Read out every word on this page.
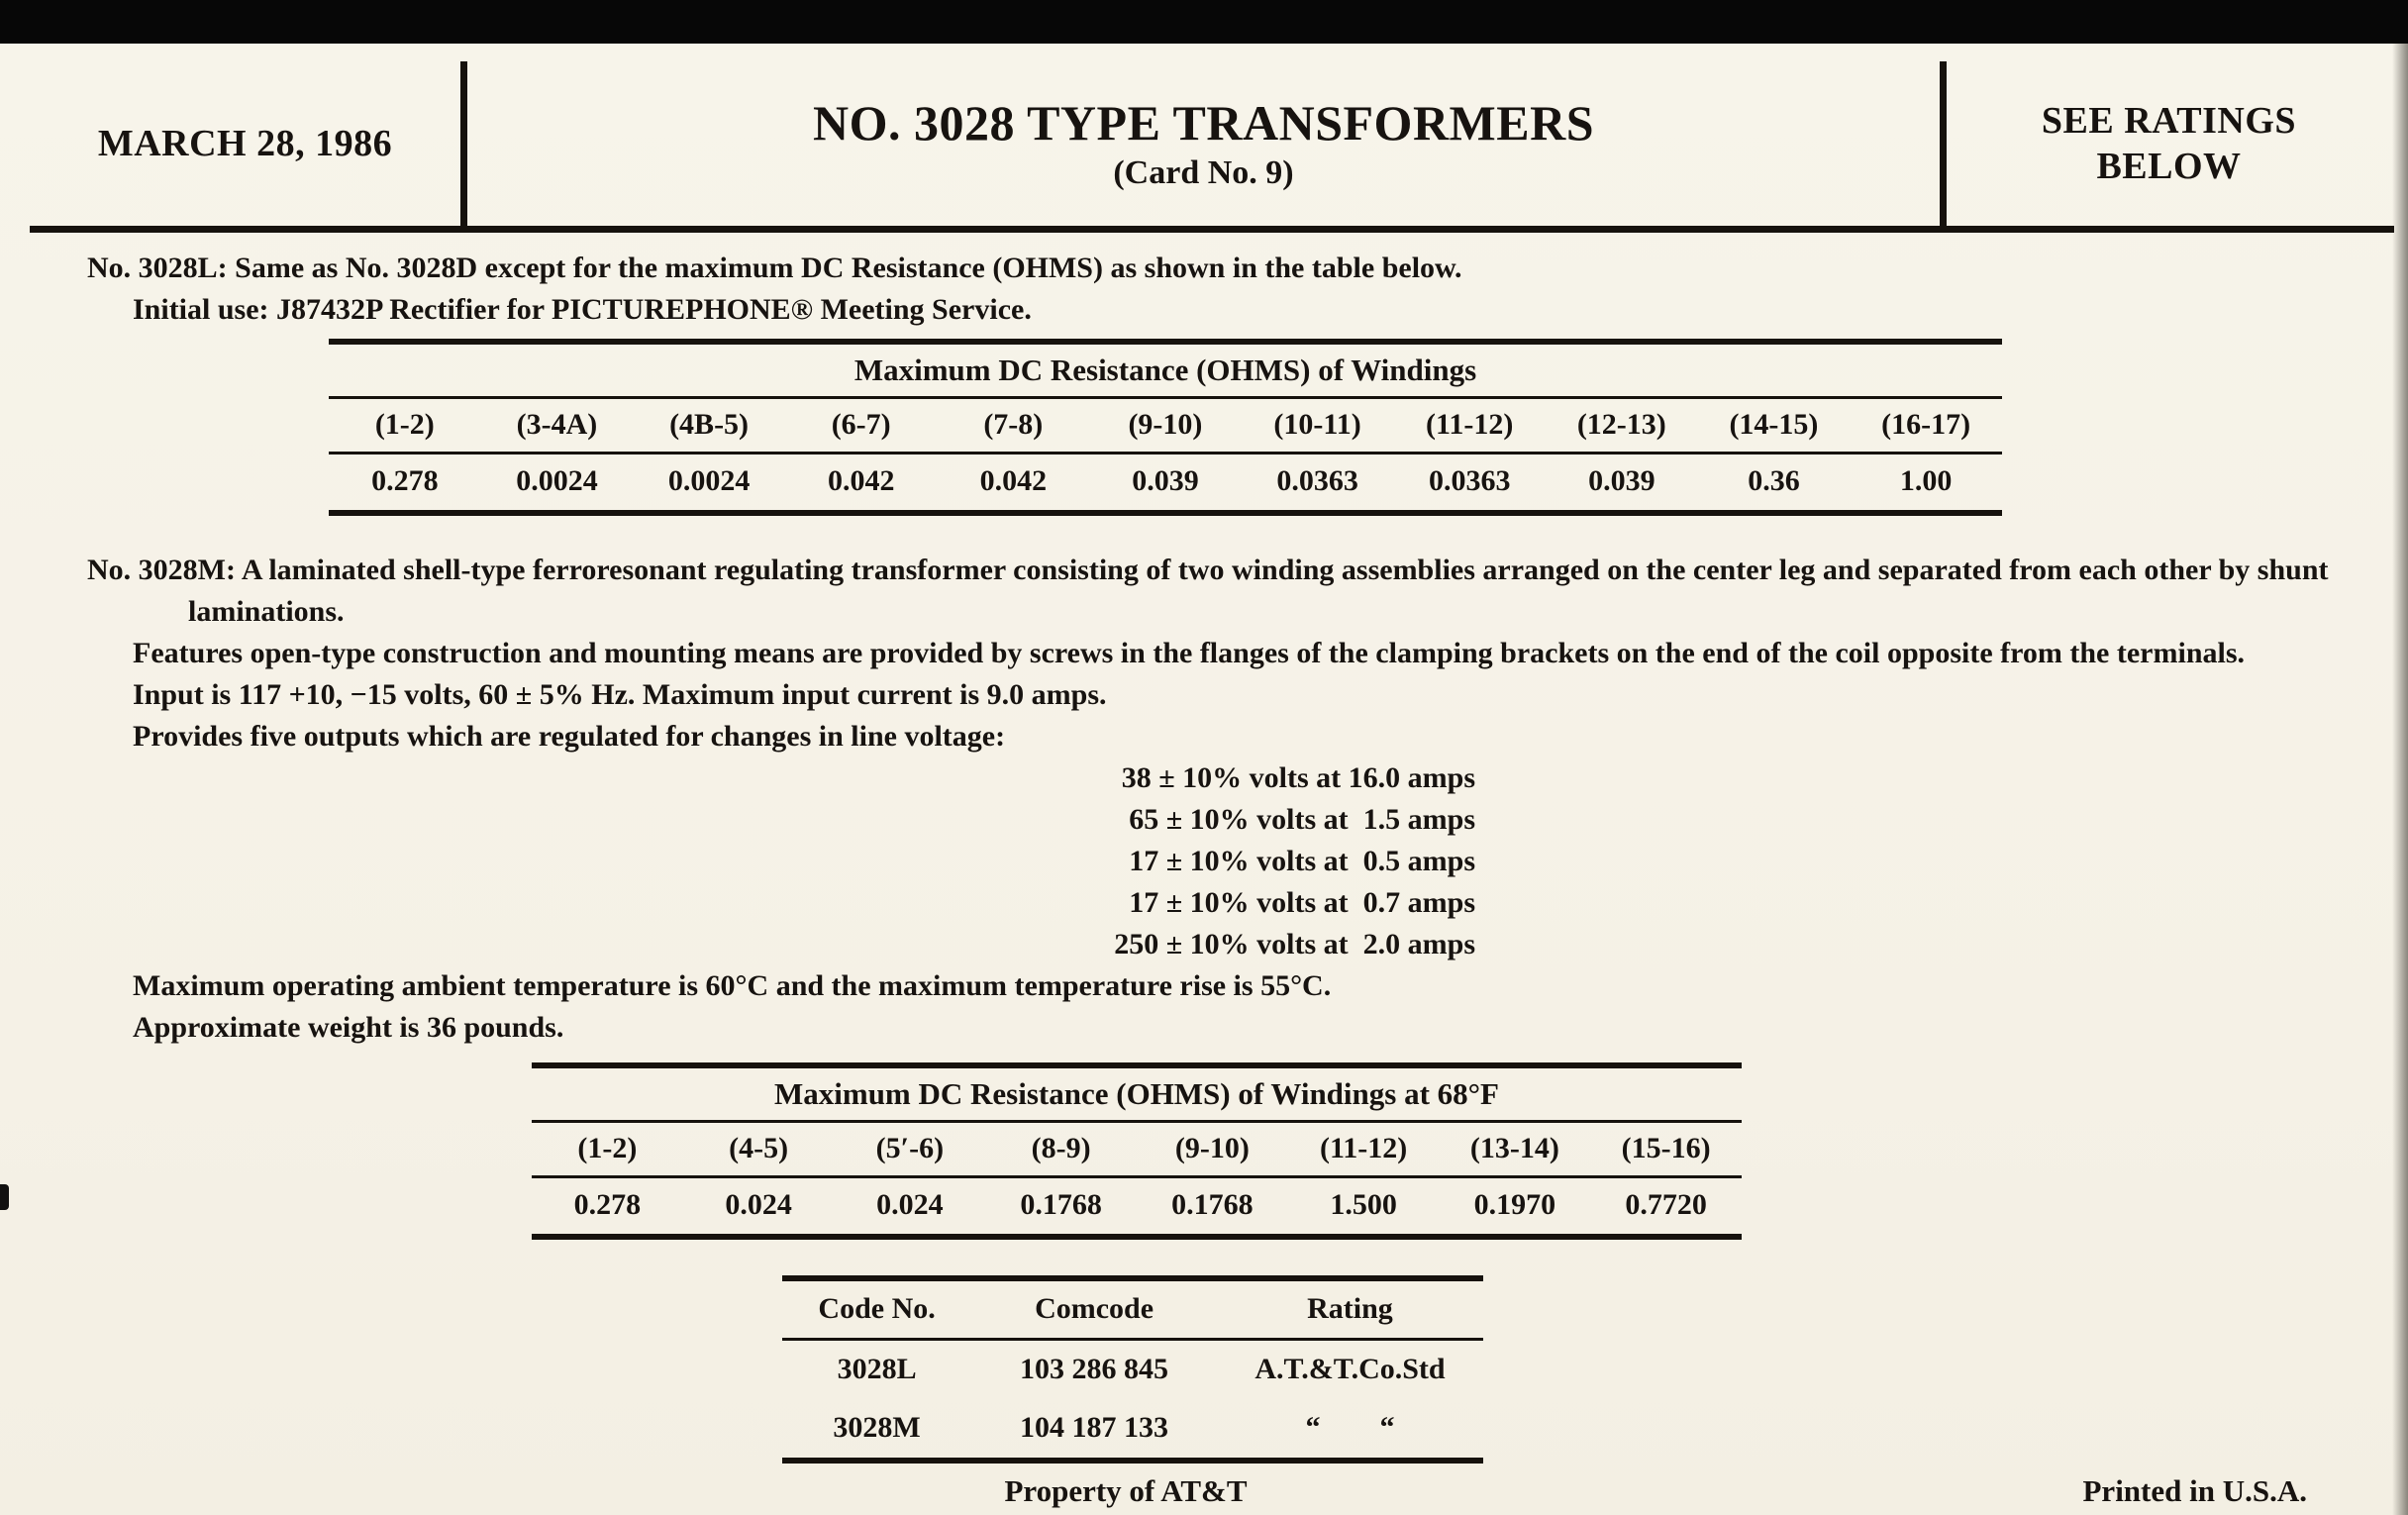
MARCH 28, 1986	NO. 3028 TYPE TRANSFORMERS
(Card No. 9)
SEE RATINGS
BELOW

No. 3028L: Same as No. 3028D except for the maximum DC Resistance (OHMS) as shown in the table below.

Initial use: J87432P Rectifier for PICTUREPHONE® Meeting Service.

Maximum DC Resistance (OHMS) of Windings										
(1-2)	(3-4A)	(4B-5)	(6-7)	(7-8)	(9-10)	(10-11)	(11-12)	(12-13)	(14-15)	(16-17)
0.278	0.0024	0.0024	0.042	0.042	0.039	0.0363	0.0363	0.039	0.36	1.00

No. 3028M: A laminated shell-type ferroresonant regulating transformer consisting of two winding assemblies arranged on the center leg and separated from each other by shunt laminations.

Features open-type construction and mounting means are provided by screws in the flanges of the clamping brackets on the end of the coil opposite from the terminals.

Input is 117 +10, −15 volts, 60 ± 5% Hz. Maximum input current is 9.0 amps.

Provides five outputs which are regulated for changes in line voltage:

38 ± 10% volts at 16.0 amps

65 ± 10% volts at  1.5 amps

17 ± 10% volts at  0.5 amps

17 ± 10% volts at  0.7 amps

250 ± 10% volts at  2.0 amps

Maximum operating ambient temperature is 60°C and the maximum temperature rise is 55°C.

Approximate weight is 36 pounds.

Maximum DC Resistance (OHMS) of Windings at 68°F							
(1-2)	(4-5)	(5′-6)	(8-9)	(9-10)	(11-12)	(13-14)	(15-16)
0.278	0.024	0.024	0.1768	0.1768	1.500	0.1970	0.7720
Code No.	Comcode	Rating
3028L	103 286 845	A.T.&T.Co.Std
3028M	104 187 133	“  “
Property of AT&T	Printed in U.S.A.
